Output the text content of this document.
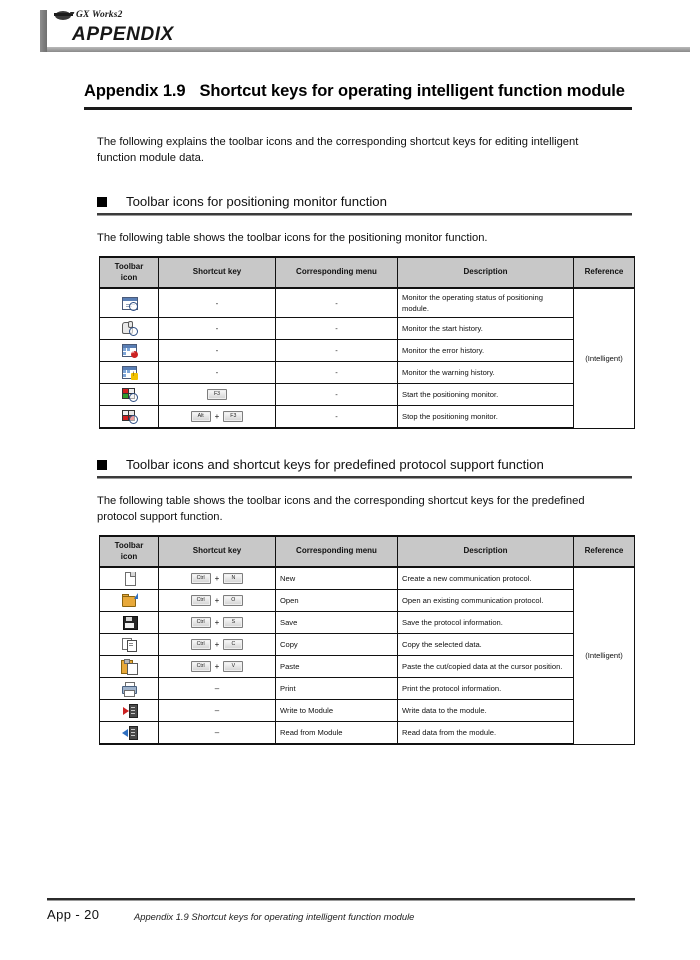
GX Works2
APPENDIX
Appendix 1.9 Shortcut keys for operating intelligent function module

The following explains the toolbar icons and the corresponding shortcut keys for editing intelligent function module data.

Toolbar icons for positioning monitor function

The following table shows the toolbar icons for the positioning monitor function.

Toolbar
icon	Shortcut key	Corresponding menu	Description	Reference

	-	-	Monitor the operating status of positioning module.	(Intelligent)

	-	-	Monitor the start history.	

×
	-	-	Monitor the error history.	

!
	-	-	Monitor the warning history.	

	F3	-	Start the positioning monitor.	

	Alt + F3	-	Stop the positioning monitor.	
Toolbar icons and shortcut keys for predefined protocol support function

The following table shows the toolbar icons and the corresponding shortcut keys for the predefined protocol support function.

Toolbar
icon	Shortcut key	Corresponding menu	Description	Reference

	Ctrl + N	New	Create a new communication protocol.	(Intelligent)

	Ctrl + O	Open	Open an existing communication protocol.	

	Ctrl + S	Save	Save the protocol information.	

	Ctrl + C	Copy	Copy the selected data.	

	Ctrl + V	Paste	Paste the cut/copied data at the cursor position.	

	–	Print	Print the protocol information.	

	–	Write to Module	Write data to the module.	

	–	Read from Module	Read data from the module.	
App - 20	Appendix 1.9 Shortcut keys for operating intelligent function module
